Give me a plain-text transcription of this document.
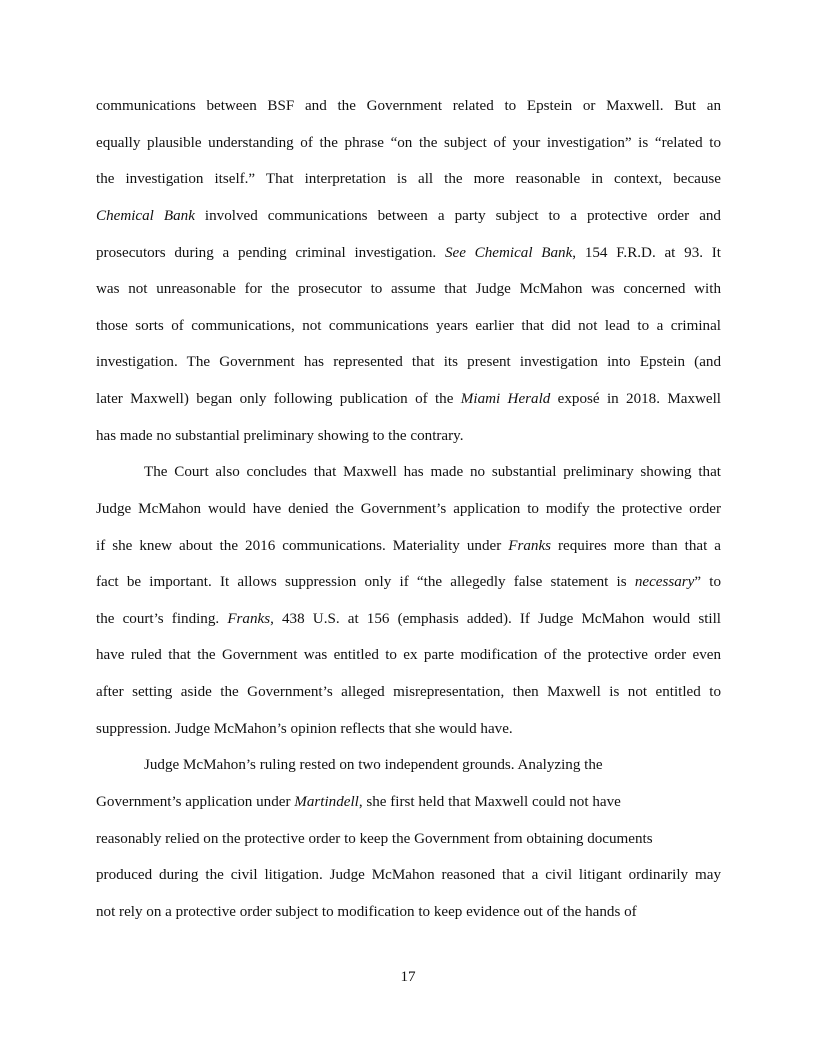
communications between BSF and the Government related to Epstein or Maxwell. But an
equally plausible understanding of the phrase “on the subject of your investigation” is “related to
the investigation itself.” That interpretation is all the more reasonable in context, because
Chemical Bank involved communications between a party subject to a protective order and
prosecutors during a pending criminal investigation. See Chemical Bank, 154 F.R.D. at 93. It
was not unreasonable for the prosecutor to assume that Judge McMahon was concerned with
those sorts of communications, not communications years earlier that did not lead to a criminal
investigation. The Government has represented that its present investigation into Epstein (and
later Maxwell) began only following publication of the Miami Herald exposé in 2018. Maxwell
has made no substantial preliminary showing to the contrary.
The Court also concludes that Maxwell has made no substantial preliminary showing that
Judge McMahon would have denied the Government’s application to modify the protective order
if she knew about the 2016 communications. Materiality under Franks requires more than that a
fact be important. It allows suppression only if “the allegedly false statement is necessary” to
the court’s finding. Franks, 438 U.S. at 156 (emphasis added). If Judge McMahon would still
have ruled that the Government was entitled to ex parte modification of the protective order even
after setting aside the Government’s alleged misrepresentation, then Maxwell is not entitled to
suppression. Judge McMahon’s opinion reflects that she would have.
Judge McMahon’s ruling rested on two independent grounds. Analyzing the
Government’s application under Martindell, she first held that Maxwell could not have
reasonably relied on the protective order to keep the Government from obtaining documents
produced during the civil litigation. Judge McMahon reasoned that a civil litigant ordinarily may
not rely on a protective order subject to modification to keep evidence out of the hands of
17
